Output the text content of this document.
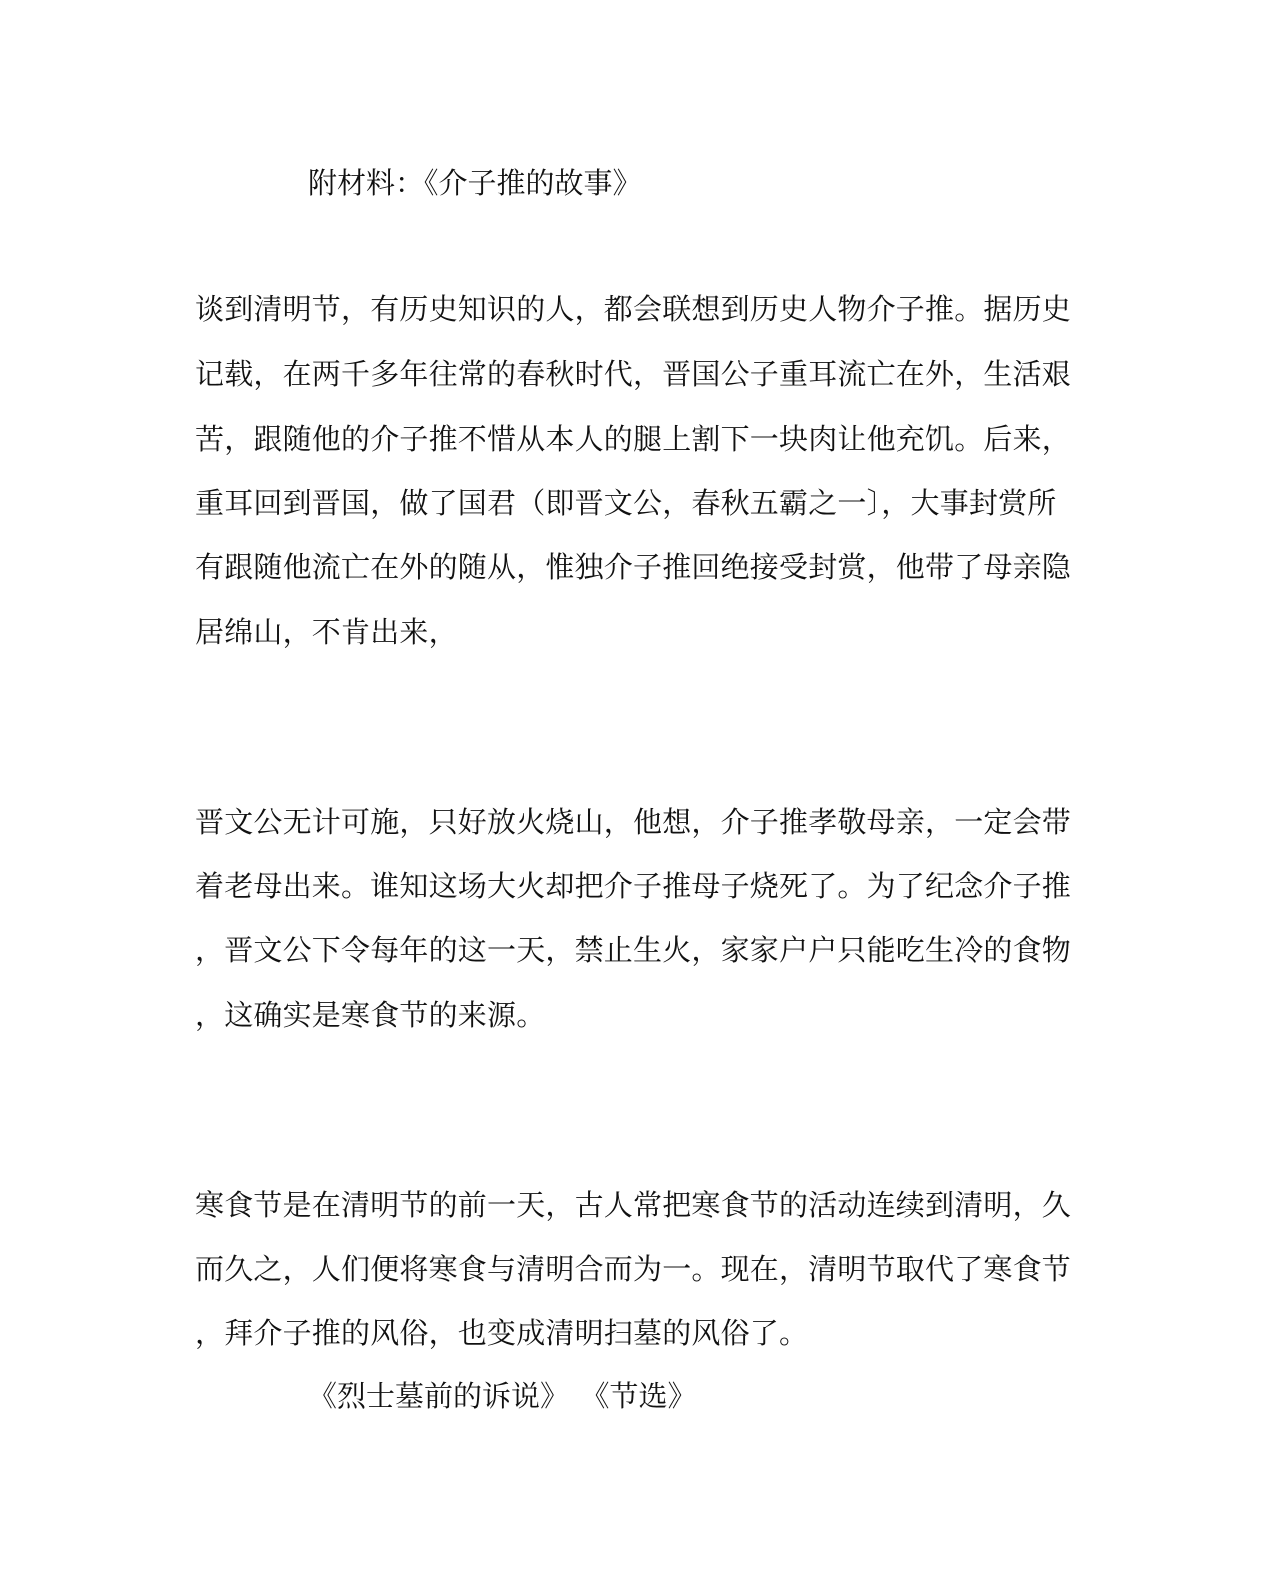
附材料：《介子推的故事》
谈到清明节，有历史知识的人，都会联想到历史人物介子推。据历史
记载，在两千多年往常的春秋时代，晋国公子重耳流亡在外，生活艰
苦，跟随他的介子推不惜从本人的腿上割下一块肉让他充饥。后来，
重耳回到晋国，做了国君（即晋文公，春秋五霸之一〕，大事封赏所
有跟随他流亡在外的随从，惟独介子推回绝接受封赏，他带了母亲隐
居绵山，不肯出来，
晋文公无计可施，只好放火烧山，他想，介子推孝敬母亲，一定会带
着老母出来。谁知这场大火却把介子推母子烧死了。为了纪念介子推
，晋文公下令每年的这一天，禁止生火，家家户户只能吃生冷的食物
，这确实是寒食节的来源。
寒食节是在清明节的前一天，古人常把寒食节的活动连续到清明，久
而久之，人们便将寒食与清明合而为一。现在，清明节取代了寒食节
，拜介子推的风俗，也变成清明扫墓的风俗了。
《烈士墓前的诉说》 《节选》
